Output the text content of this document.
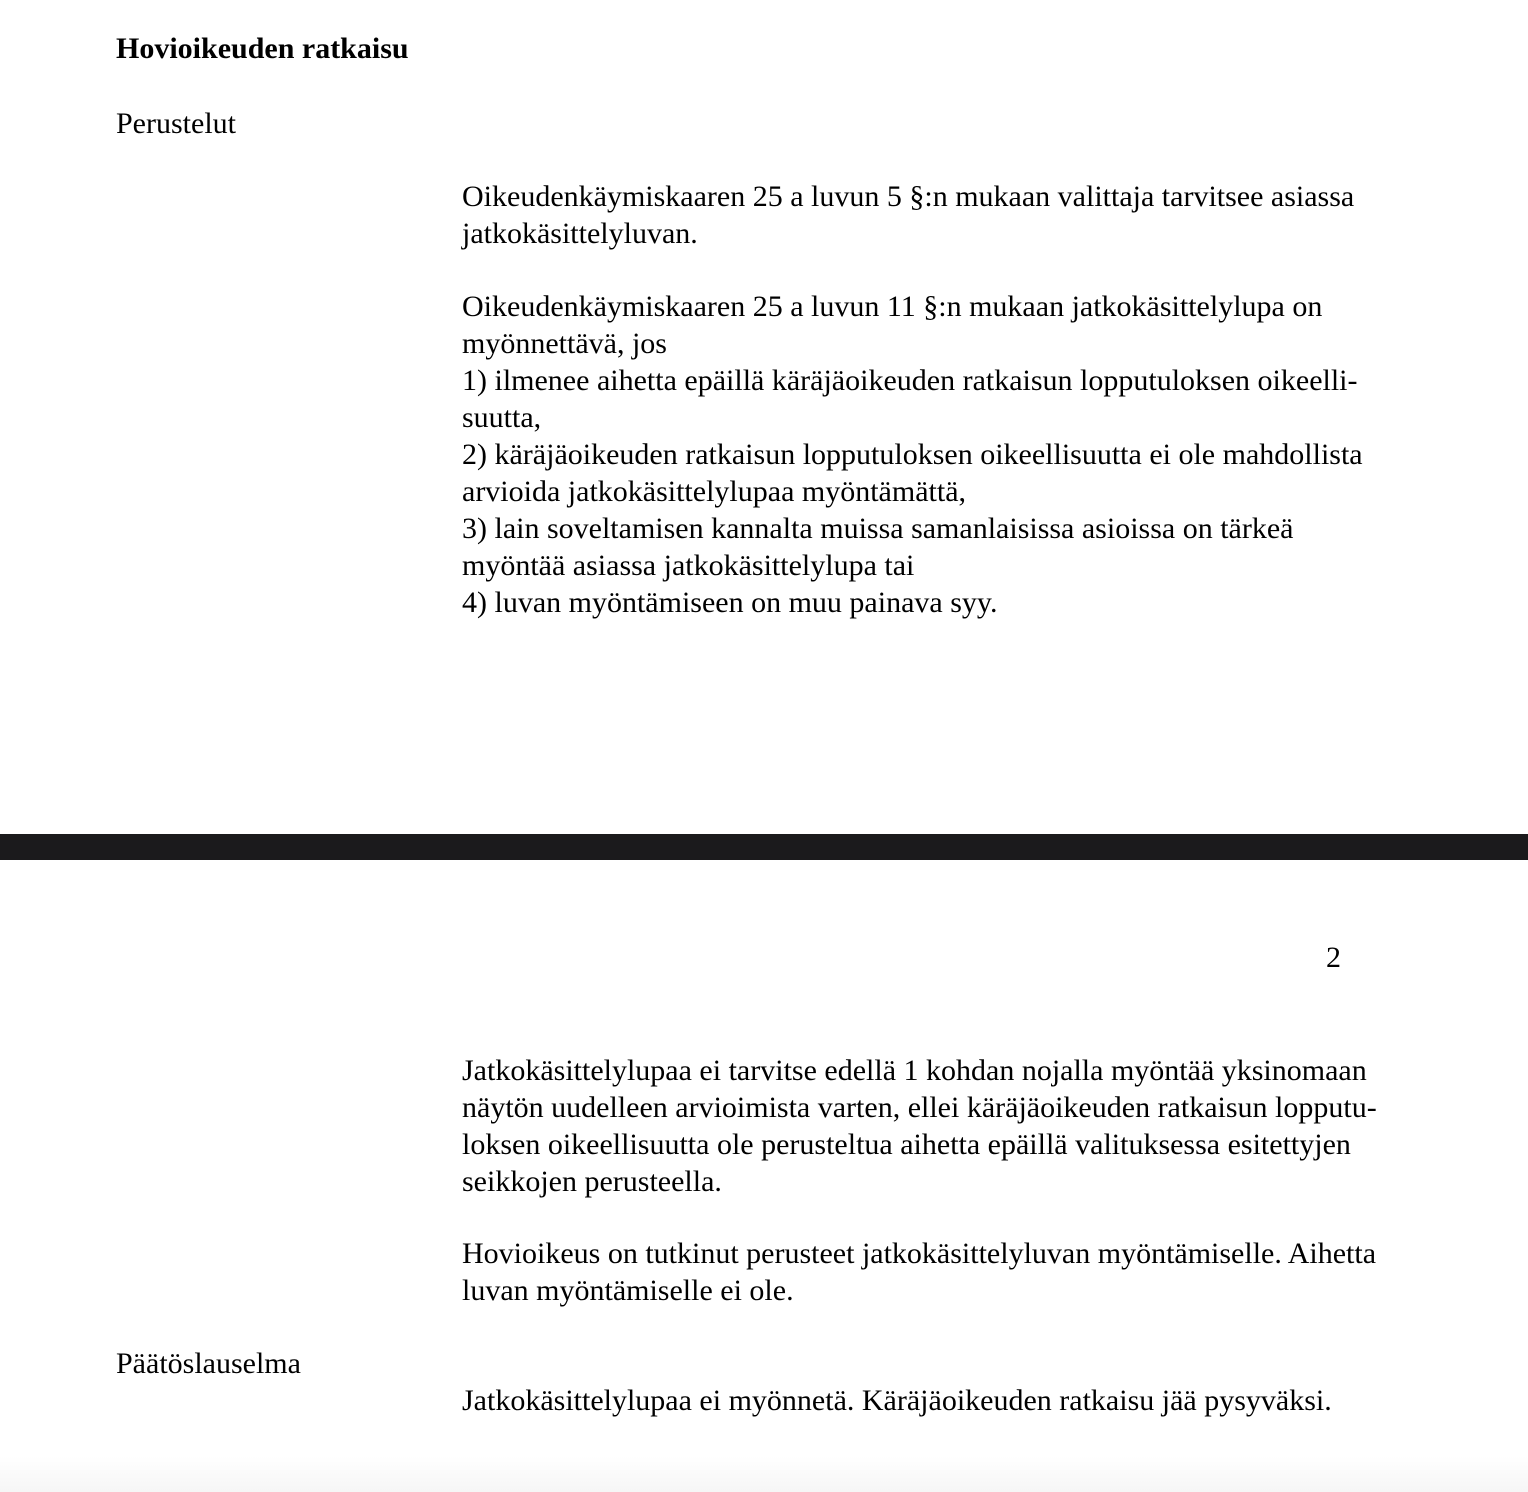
Hovioikeuden ratkaisu
Perustelut
Oikeudenkäymiskaaren 25 a luvun 5 §:n mukaan valittaja tarvitsee asiassa
jatkokäsittelyluvan.
Oikeudenkäymiskaaren 25 a luvun 11 §:n mukaan jatkokäsittelylupa on
myönnettävä, jos
1) ilmenee aihetta epäillä käräjäoikeuden ratkaisun lopputuloksen oikeelli-
suutta,
2) käräjäoikeuden ratkaisun lopputuloksen oikeellisuutta ei ole mahdollista
arvioida jatkokäsittelylupaa myöntämättä,
3) lain soveltamisen kannalta muissa samanlaisissa asioissa on tärkeä
myöntää asiassa jatkokäsittelylupa tai
4) luvan myöntämiseen on muu painava syy.
2
Jatkokäsittelylupaa ei tarvitse edellä 1 kohdan nojalla myöntää yksinomaan
näytön uudelleen arvioimista varten, ellei käräjäoikeuden ratkaisun lopputu-
loksen oikeellisuutta ole perusteltua aihetta epäillä valituksessa esitettyjen
seikkojen perusteella.
Hovioikeus on tutkinut perusteet jatkokäsittelyluvan myöntämiselle. Aihetta
luvan myöntämiselle ei ole.
Päätöslauselma
Jatkokäsittelylupaa ei myönnetä. Käräjäoikeuden ratkaisu jää pysyväksi.
